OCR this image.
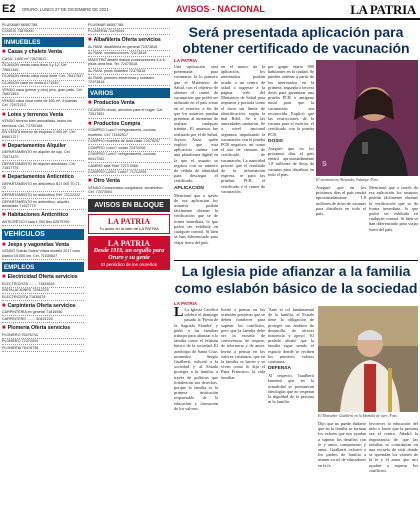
E2 ORURO, LUNES 27 DE DICIEMBRE DE 2021	AVISOS - NACIONAL	LA PATRIA
PLUSMAR 66597788
CODEIX 73875000
INMUEBLES
■ Casas y chalets Venta
CASA. 1.600 m² 72673813
OCASION vendo casa linea 4 y 12. Cel. 79651345
OCASION vendo casa zona norte. Cel. 76417947
OCASION casa en venta 6171939
VENDO casa (primer y otro) piso, gran patio, Cel. 76521453
VENDO casa zona norte de 400 m², 3 plantas. Cel. 72471212
■ Lotes y terrenos Venta
VENDO terreno bien amurallado, todos los servicios. Cel. 71720168
EN VENTA terreno de esquina 2.400 m². Cel. 69601727
■ Departamentos Alquiler
DEPARTAMENTO en alquiler de lujo. Cel. 73573470
DEPARTAMENTO en alquiler amoblado. Cel. 71637775
■ Departamentos Anticrético
DEPARTAMENTO en anticrético $17.000 70-71-72
DEPARTAMENTO en anticrético Ref. 72122222
DEPARTAMENTO en anticrético, alquiler, amoblado 71637775
■ Habitaciones Anticrético
ANTICRÉTICO sala 1.000 $us 62579769
VEHÍCULOS
■ Jeeps y vagonetas Venta
VENDO Suzuki Grand Vitara modelo 2017 color blanco 15.000 km. Cel. 71630847
EMPLEOS
■ Electricidad Oferta servicios
ELECTRICISTA ........ 71543624
INSTALACIONES 72542378
ELECTRICISTA 71630678
■ Carpintería Oferta servicios
CARPINTERÍA en general 71815930
CARPINTERO ........ 60421220
■ Plomería Oferta servicios
PLOMERO 76476744
PLOMERO 72470004
PLOMERÍA 76476738
PLUSMAR 66597788
PLOMERÍA 72470004
■ Albañilería Oferta servicios
AL RANI, albañilería en general 72473818
AL RANI, construcciones 72473818
MAESTRO albañil realiza construcciones 1 a 6 pisos obra fina. Tel. 72473818
AL RANI, pisos flotantes 72473818
AL RANI, plomero electricista y soldador 72473818
VARIOS
■ Productos Venta
OCASIÓN vendo, artículos para el hogar. Cel. 72617891
■ Productos Compra
COMPRO 'Lodo?' refrigeradores, cocinas, muebles. Cel. 71632917
COMPRO muebles de toda clase 72479297
COMPRO 'Lodo?' cosas 72472006
COMPRO 'Lodo?' refrigeradores, cocinas 60417262
CAMBIO sala 'Kiwi' 7273 0986
COMPRO LODO 'Lodo?' 71712000
■ Otro Venta
VENDO Conservador-congelador, seminuevo. Cel. 72470004
AVISOS EN BLOQUE
LA PATRIA
Tu aviso en la web de LA PATRIA
LA PATRIA
Desde 1919, un orgullo para Oruro y su gente
El periódico de los orureños
Será presentada aplicación para obtener certificado de vacunación
LA PATRIA
Una aplicación será presentada para vacunarse, la lo primero que el Ministerio de Salud, con el objetivo de obtener el carnet de vacunación que podrá ser utilizado en el país como en el exterior, a fin de que los usuarios puedan presentar al momento de realizar cualquier trámite. El anuncio fue realizado por el de Salud, Jeyson Auza, quien explicó que esta aplicación cuenta con una plataforma digital en la que el usuario se registra con su número de cédula de identidad para descargar el certificado.
APLICACIÓN
Mencionó que a través de esa aplicación los usuarios podrán fácilmente obtener la verificación que se de forma inmediata, lo que podrá ser exhibida en cualquier control. Si bien se han diferenciado para viajar fuera del país.
en el marco de la aplicación, los interesados podrán acudir a un centro de salud o ingresar a la página web del Ministerio de Salud para imprimir y portarla como el facto sin límite de identificación, según la mal Rifel. Se a las autoridades sanitarias. Se a nivel nacional seguimos impulsando la vacunación con la prueba PCR negativa, así como el uso de cámaras de certificado de vacunación. La autoridad precisó que el resultado de la información expresa, se para las pruebas PCR, el certificado e el carnet de vacunación.
por grupo etario 800 habitantes en la ciudad. Se pueden ordenar a partir de los interesados en la primera, segunda o tercera dosis para garantizar una prueba PCR o antígeno nasal para que la vacunación sea reconocida. Explicó que las restricciones de la vacuna para el exterior, el certificado con la prueba PCR.
DOSIS
Aseguró que en los próximos días el país tendrá aproximadamente 1.8 millones de dosis de vacunas para distribuir en todo el país.
S
El viceministro Alejandro Tobalipe /Foto.
Aseguró que en los próximos días el país tendrá aproximadamente 1.8 millones de dosis de vacunas para distribuir en todo el país.
Mencionó que a través de esa aplicación los usuarios podrán fácilmente obtener la verificación que se de forma inmediata, lo que podrá ser exhibida en cualquier control. Si bien se han diferenciado para viajar fuera del país.
La Iglesia pide afianzar a la familia como eslabón básico de la sociedad
LA PATRIA
L La Iglesia Católica celebró el domingo pasado la 'Fiesta de la Sagrada Familia' y pidió a las familias trabajar para afianzar a la familia como el eslabón básico de la sociedad. El arzobispo de Santa Cruz, monseñor Sergio Gualberti, exhortó a la sociedad y al Estado proteger a la familia, a través de políticas que fortalezcan sus derechos, porque la familia es la primera institución responsable de la educación y formación de los valores.
Invitó a pensar en las actitudes positivas que se deben fortalecer para superar los conflictos, pero que la familia debe ser la escuela de convivencia, de respeto, de tolerancia y de amor. Invitó a pensar en los valores cristianos, que en la familia se hacen y se viven como lo dijo el Papa Francisco, la vida familiar.
'Ante el rol fundamental de la familia, el Estado tiene la obligación de proteger sus ámbitos de desarrollo, de ofrecer asistencia y apoyo'. El prelado afirmó que la familia sigue siendo el espacio donde se reciben los primeros valores cristianos.
DEFENSA
Al respecto, Gualberti lamentó que en la actualidad se promuevan ideologías que no respetan la dignidad de la persona ni la familia.
El Monseñor Gualberti en la Homilía de ayer /Foto.
Dijo que no puede dudarse que en la familia se forman los valores que nos ayudan a superar los desafíos con fe y amor, compromiso y amor. Gualberti exhortó a los padres de familia a asumir su rol de educadores en la fe.
favorecer la educación del niño o hacer que la persona sea el centro. Añadió la importancia de que las familias se constituyan en una escuela de vida donde se aprendan los valores de la fe y el amor que nos ayuden a superar los conflictos.
